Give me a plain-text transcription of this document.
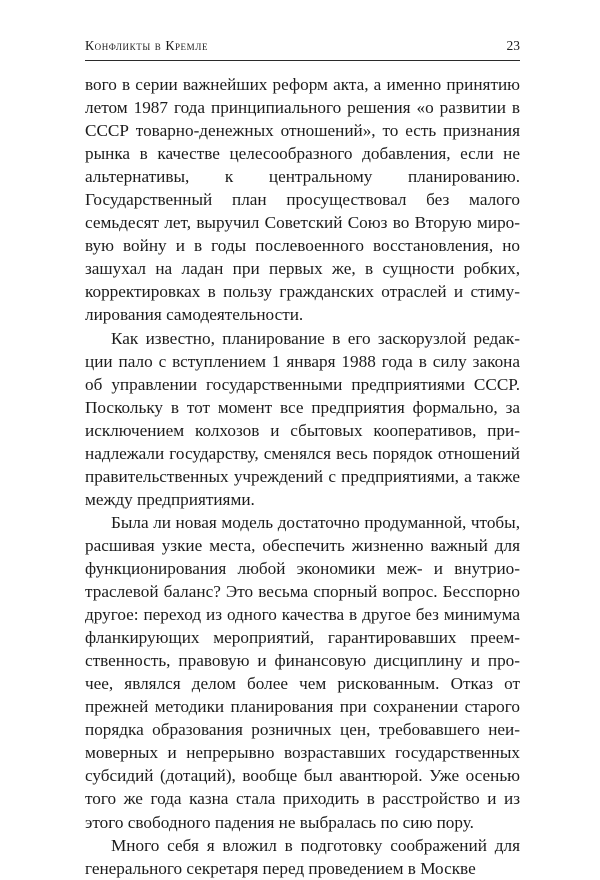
Конфликты в Кремле	23

вого в серии важнейших реформ акта, а именно принятию летом 1987 года принципиального решения «о развитии в СССР товарно-денежных отношений», то есть признания рынка в качестве целесообразного добавления, если не альтернативы, к центральному планированию. Государственный план просуществовал без малого семьдесят лет, выручил Советский Союз во Вторую мировую войну и в годы послевоенного восстановления, но зашухал на ладан при первых же, в сущности робких, корректировках в пользу гражданских отраслей и стимулирования самодеятельности.

Как известно, планирование в его заскорузлой редакции пало с вступлением 1 января 1988 года в силу закона об управлении государственными предприятиями СССР. Поскольку в тот момент все предприятия формально, за исключением колхозов и сбытовых кооперативов, принадлежали государству, сменялся весь порядок отношений правительственных учреждений с предприятиями, а также между предприятиями.

Была ли новая модель достаточно продуманной, чтобы, расшивая узкие места, обеспечить жизненно важный для функционирования любой экономики меж- и внутриотраслевой баланс? Это весьма спорный вопрос. Бесспорно другое: переход из одного качества в другое без минимума фланкирующих мероприятий, гарантировавших преемственность, правовую и финансовую дисциплину и прочее, являлся делом более чем рискованным. Отказ от прежней методики планирования при сохранении старого порядка образования розничных цен, требовавшего неимоверных и непрерывно возраставших государственных субсидий (дотаций), вообще был авантюрой. Уже осенью того же года казна стала приходить в расстройство и из этого свободного падения не выбралась по сию пору.

Много себя я вложил в подготовку соображений для генерального секретаря перед проведением в Москве
